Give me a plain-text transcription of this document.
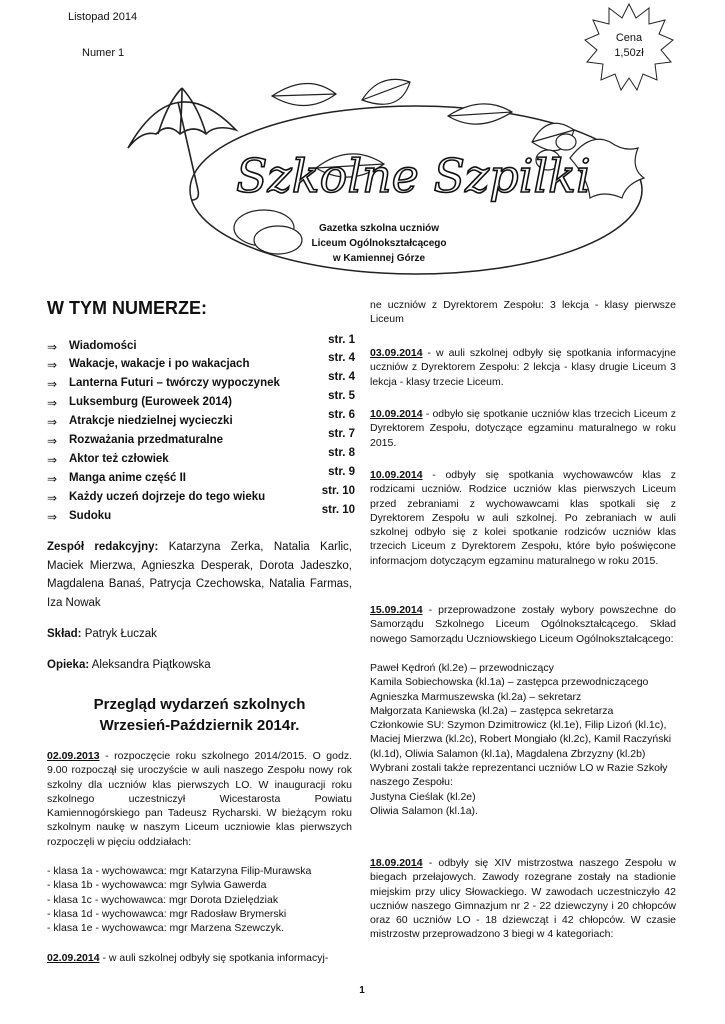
Listopad 2014
Numer 1
Cena
1,50zł
Szkolne Szpilki
Gazetka szkolna uczniów
Liceum Ogólnokształcącego
w Kamiennej Górze
W TYM NUMERZE:
⇒ Wiadomości	str. 1
⇒ Wakacje, wakacje i po wakacjach	str. 4
⇒ Lanterna Futuri – twórczy wypoczynek	str. 4
⇒ Luksemburg (Euroweek 2014)	str. 5
⇒ Atrakcje niedzielnej wycieczki	str. 6
⇒ Rozważania przedmaturalne	str. 7
⇒ Aktor też człowiek	str. 8
⇒ Manga anime część II	str. 9
⇒ Każdy uczeń dojrzeje do tego wieku	str. 10
⇒ Sudoku	str. 10
Zespół redakcyjny: Katarzyna Zerka, Natalia Karlic, Maciek Mierzwa, Agnieszka Desperak, Dorota Jadeszko, Magdalena Banaś, Patrycja Czechowska, Natalia Farmas, Iza Nowak
Skład: Patryk Łuczak
Opieka: Aleksandra Piątkowska
Przegląd wydarzeń szkolnych
Wrzesień-Październik 2014r.
02.09.2013 - rozpoczęcie roku szkolnego 2014/2015. O godz. 9.00 rozpoczął się uroczyście w auli naszego Zespołu nowy rok szkolny dla uczniów klas pierwszych LO. W inauguracji roku szkolnego uczestniczył Wicestarosta Powiatu Kamiennogórskiego pan Tadeusz Rycharski. W bieżącym roku szkolnym naukę w naszym Liceum uczniowie klas pierwszych rozpoczęli w pięciu oddziałach:
- klasa 1a - wychowawca: mgr Katarzyna Filip-Murawska
- klasa 1b - wychowawca: mgr Sylwia Gawerda
- klasa 1c - wychowawca: mgr Dorota Dzielędziak
- klasa 1d - wychowawca: mgr Radosław Brymerski
- klasa 1e - wychowawca: mgr Marzena Szewczyk.
02.09.2014 - w auli szkolnej odbyły się spotkania informacyj-
ne uczniów z Dyrektorem Zespołu: 3 lekcja - klasy pierwsze Liceum
03.09.2014 - w auli szkolnej odbyły się spotkania informacyjne uczniów z Dyrektorem Zespołu: 2 lekcja - klasy drugie Liceum 3 lekcja - klasy trzecie Liceum.
10.09.2014 - odbyło się spotkanie uczniów klas trzecich Liceum z Dyrektorem Zespołu, dotyczące egzaminu maturalnego w roku 2015.
10.09.2014 - odbyły się spotkania wychowawców klas z rodzicami uczniów. Rodzice uczniów klas pierwszych Liceum przed zebraniami z wychowawcami klas spotkali się z Dyrektorem Zespołu w auli szkolnej. Po zebraniach w auli szkolnej odbyło się z kolei spotkanie rodziców uczniów klas trzecich Liceum z Dyrektorem Zespołu, które było poświęcone informacjom dotyczącym egzaminu maturalnego w roku 2015.
15.09.2014 - przeprowadzone zostały wybory powszechne do Samorządu Szkolnego Liceum Ogólnokształcącego. Skład nowego Samorządu Uczniowskiego Liceum Ogólnokształcącego:
Paweł Kędroń (kl.2e) – przewodniczący
Kamila Sobiechowska (kl.1a) – zastępca przewodniczącego
Agnieszka Marmuszewska (kl.2a) – sekretarz
Małgorzata Kaniewska (kl.2a) – zastępca sekretarza
Członkowie SU: Szymon Dzimitrowicz (kl.1e), Filip Lizoń (kl.1c), Maciej Mierzwa (kl.2c), Robert Mongiało (kl.2c), Kamil Raczyński (kl.1d), Oliwia Salamon (kl.1a), Magdalena Zbrzyzny (kl.2b)
Wybrani zostali także reprezentanci uczniów LO w Razie Szkoły naszego Zespołu:
Justyna Cieślak (kl.2e)
Oliwia Salamon (kl.1a).
18.09.2014 - odbyły się XIV mistrzostwa naszego Zespołu w biegach przełajowych. Zawody rozegrane zostały na stadionie miejskim przy ulicy Słowackiego. W zawodach uczestniczyło 42 uczniów naszego Gimnazjum nr 2 - 22 dziewczyny i 20 chłopców oraz 60 uczniów LO - 18 dziewcząt i 42 chłopców. W czasie mistrzostw przeprowadzono 3 biegi w 4 kategoriach:
1
